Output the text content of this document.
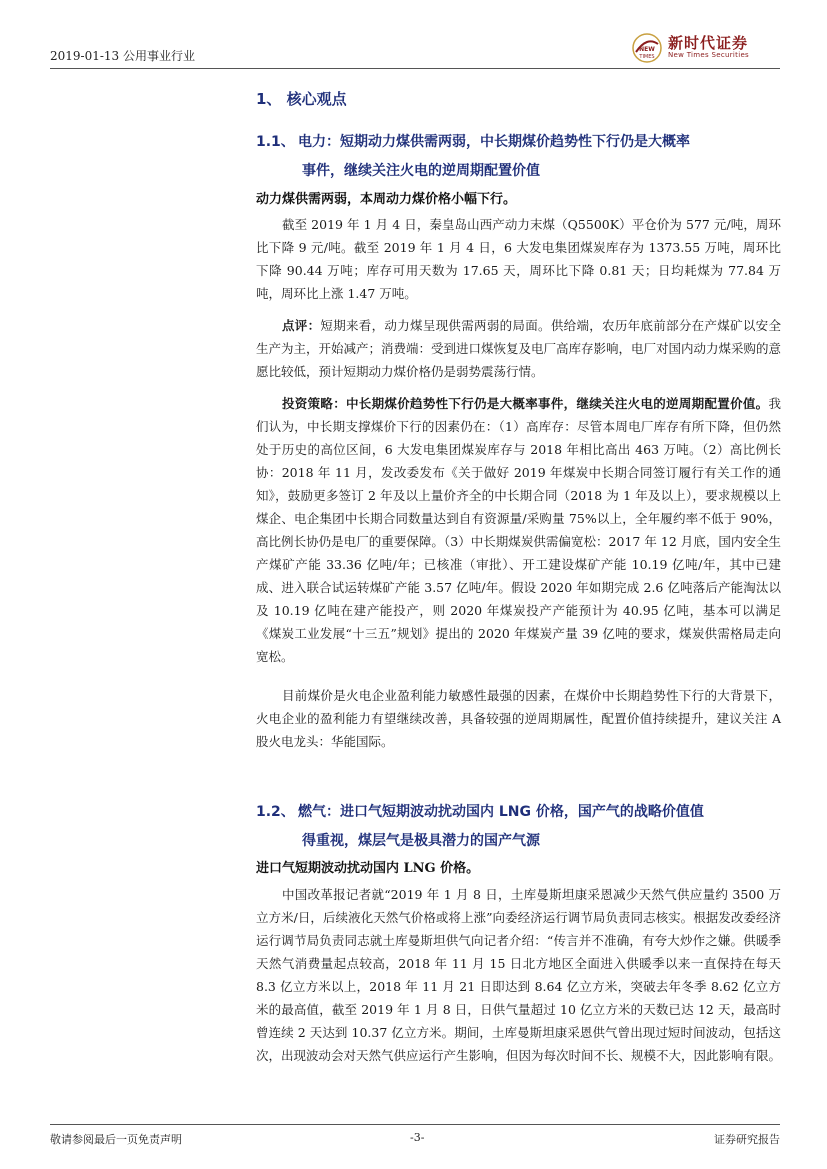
2019-01-13 公用事业行业	NEW
TIMES
新时代证券
New Times Securities
1、 核心观点
1.1、 电力：短期动力煤供需两弱，中长期煤价趋势性下行仍是大概率
事件，继续关注火电的逆周期配置价值
动力煤供需两弱，本周动力煤价格小幅下行。
截至 2019 年 1 月 4 日，秦皇岛山西产动力末煤（Q5500K）平仓价为 577 元/吨，周环比下降 9 元/吨。截至 2019 年 1 月 4 日，6 大发电集团煤炭库存为 1373.55 万吨，周环比下降 90.44 万吨；库存可用天数为 17.65 天，周环比下降 0.81 天；日均耗煤为 77.84 万吨，周环比上涨 1.47 万吨。
点评：短期来看，动力煤呈现供需两弱的局面。供给端，农历年底前部分在产煤矿以安全生产为主，开始减产；消费端：受到进口煤恢复及电厂高库存影响，电厂对国内动力煤采购的意愿比较低，预计短期动力煤价格仍是弱势震荡行情。
投资策略：中长期煤价趋势性下行仍是大概率事件，继续关注火电的逆周期配置价值。我们认为，中长期支撑煤价下行的因素仍在：（1）高库存：尽管本周电厂库存有所下降，但仍然处于历史的高位区间，6 大发电集团煤炭库存与 2018 年相比高出 463 万吨。（2）高比例长协：2018 年 11 月，发改委发布《关于做好 2019 年煤炭中长期合同签订履行有关工作的通知》，鼓励更多签订 2 年及以上量价齐全的中长期合同（2018 为 1 年及以上），要求规模以上煤企、电企集团中长期合同数量达到自有资源量/采购量 75%以上，全年履约率不低于 90%，高比例长协仍是电厂的重要保障。（3）中长期煤炭供需偏宽松：2017 年 12 月底，国内安全生产煤矿产能 33.36 亿吨/年；已核准（审批）、开工建设煤矿产能 10.19 亿吨/年，其中已建成、进入联合试运转煤矿产能 3.57 亿吨/年。假设 2020 年如期完成 2.6 亿吨落后产能淘汰以及 10.19 亿吨在建产能投产，则 2020 年煤炭投产产能预计为 40.95 亿吨，基本可以满足《煤炭工业发展“十三五”规划》提出的 2020 年煤炭产量 39 亿吨的要求，煤炭供需格局走向宽松。
目前煤价是火电企业盈利能力敏感性最强的因素，在煤价中长期趋势性下行的大背景下，火电企业的盈利能力有望继续改善，具备较强的逆周期属性，配置价值持续提升，建议关注 A 股火电龙头：华能国际。
1.2、 燃气：进口气短期波动扰动国内 LNG 价格，国产气的战略价值值
得重视，煤层气是极具潜力的国产气源
进口气短期波动扰动国内 LNG 价格。
中国改革报记者就“2019 年 1 月 8 日，土库曼斯坦康采恩减少天然气供应量约 3500 万立方米/日，后续液化天然气价格或将上涨”向委经济运行调节局负责同志核实。根据发改委经济运行调节局负责同志就土库曼斯坦供气向记者介绍：“传言并不准确，有夸大炒作之嫌。供暖季天然气消费量起点较高，2018 年 11 月 15 日北方地区全面进入供暖季以来一直保持在每天 8.3 亿立方米以上，2018 年 11 月 21 日即达到 8.64 亿立方米，突破去年冬季 8.62 亿立方米的最高值，截至 2019 年 1 月 8 日，日供气量超过 10 亿立方米的天数已达 12 天，最高时曾连续 2 天达到 10.37 亿立方米。期间，土库曼斯坦康采恩供气曾出现过短时间波动，包括这次，出现波动会对天然气供应运行产生影响，但因为每次时间不长、规模不大，因此影响有限。
敬请参阅最后一页免责声明	-3-	证券研究报告
